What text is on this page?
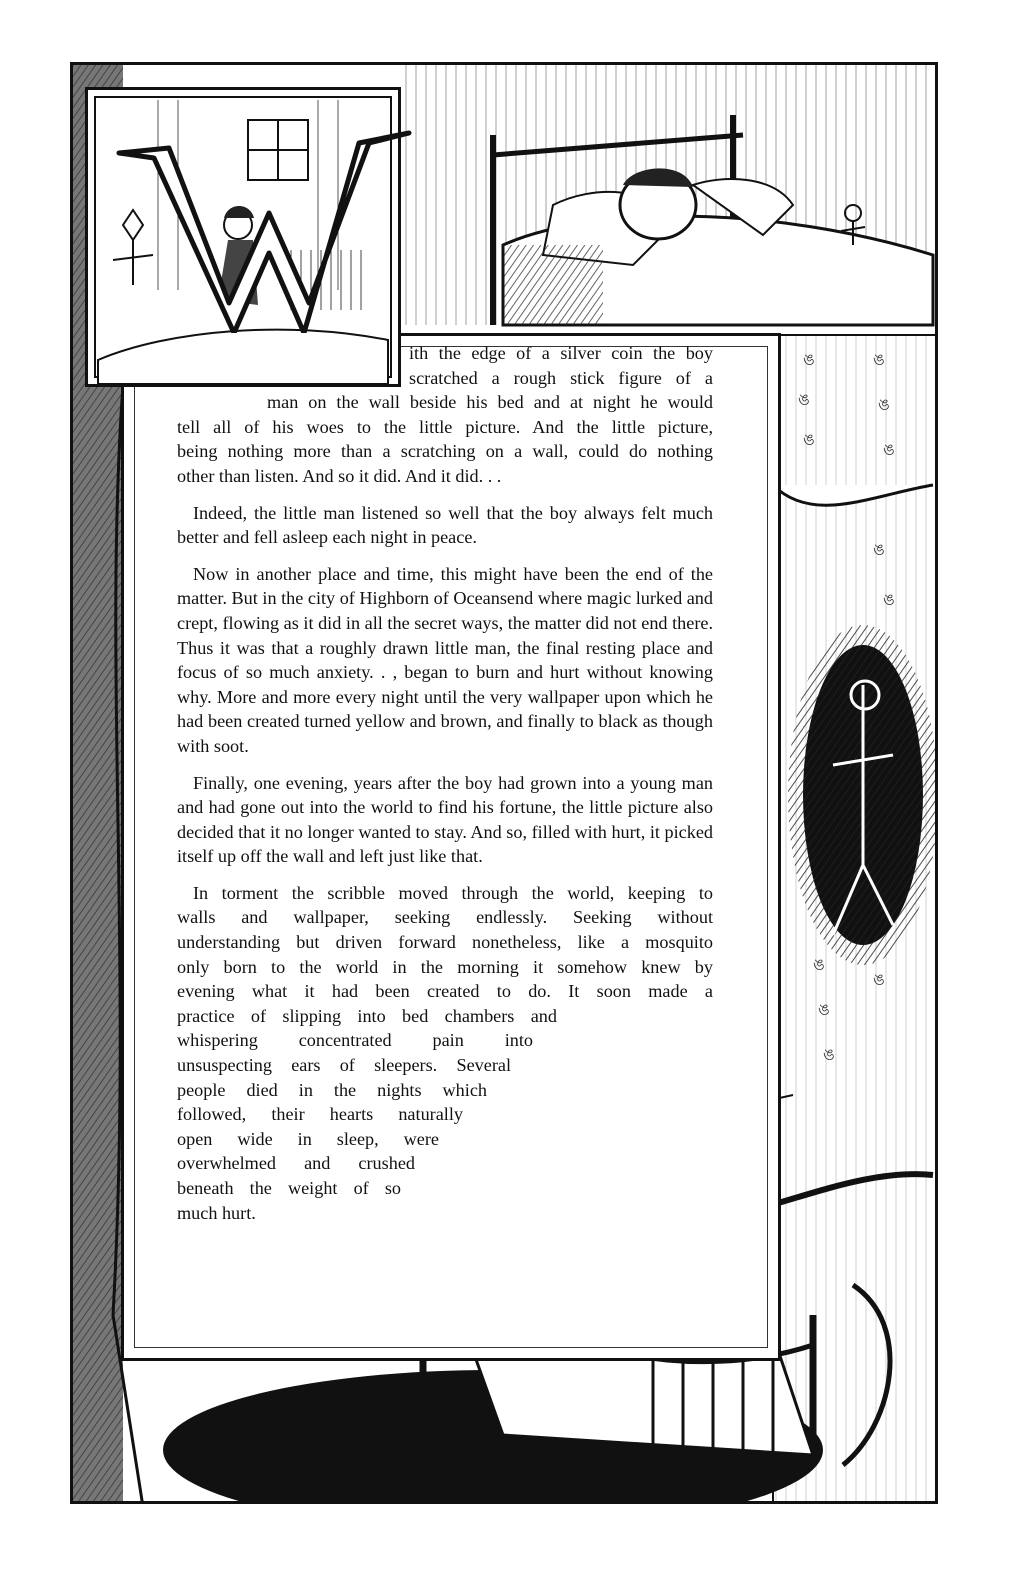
ঙ	ঙ
ঙ	ঙ
ঙ
ঙ
ঙ
ঙ
ঙ
ঙ
ঙ
ঙ
W
ith the edge of a silver coin the boy
scratched a rough stick figure of a
man on the wall beside his bed and at night he would
tell all of his woes to the little picture. And the little picture,
being nothing more than a scratching on a wall, could do nothing
other than listen. And so it did. And it did. . .

Indeed, the little man listened so well that the boy always felt much better and fell asleep each night in peace.

Now in another place and time, this might have been the end of the matter. But in the city of Highborn of Oceansend where magic lurked and crept, flowing as it did in all the secret ways, the matter did not end there. Thus it was that a roughly drawn little man, the final resting place and focus of so much anxiety. . , began to burn and hurt without knowing why. More and more every night until the very wallpaper upon which he had been created turned yellow and brown, and finally to black as though with soot.

Finally, one evening, years after the boy had grown into a young man and had gone out into the world to find his fortune, the little picture also decided that it no longer wanted to stay. And so, filled with hurt, it picked itself up off the wall and left just like that.

In torment the scribble moved through the world, keeping to
walls and wallpaper, seeking endlessly. Seeking without
understanding but driven forward nonetheless, like a mosquito
only born to the world in the morning it somehow knew by
evening what it had been created to do. It soon made a
practice of slipping into bed chambers and
whispering concentrated pain into
unsuspecting ears of sleepers. Several
people died in the nights which
followed, their hearts naturally
open wide in sleep, were
overwhelmed and crushed
beneath the weight of so
much hurt.
